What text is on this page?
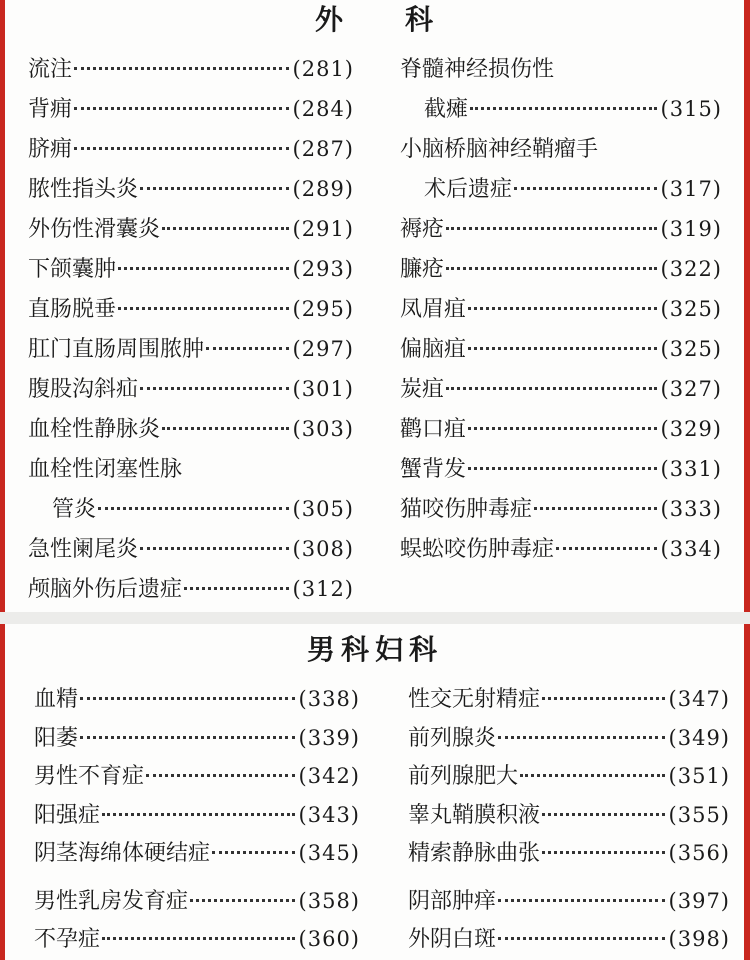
外　　科
流注	(281)
背痈	(284)
脐痈	(287)
脓性指头炎	(289)
外伤性滑囊炎	(291)
下颌囊肿	(293)
直肠脱垂	(295)
肛门直肠周围脓肿	(297)
腹股沟斜疝	(301)
血栓性静脉炎	(303)
血栓性闭塞性脉
管炎	(305)
急性阑尾炎	(308)
颅脑外伤后遗症	(312)
脊髓神经损伤性
截瘫	(315)
小脑桥脑神经鞘瘤手
术后遗症	(317)
褥疮	(319)
臁疮	(322)
凤眉疽	(325)
偏脑疽	(325)
炭疽	(327)
鹳口疽	(329)
蟹背发	(331)
猫咬伤肿毒症	(333)
蜈蚣咬伤肿毒症	(334)
男科妇科
血精	(338)
阳萎	(339)
男性不育症	(342)
阳强症	(343)
阴茎海绵体硬结症	(345)
男性乳房发育症	(358)
不孕症	(360)
性交无射精症	(347)
前列腺炎	(349)
前列腺肥大	(351)
睾丸鞘膜积液	(355)
精索静脉曲张	(356)
阴部肿痒	(397)
外阴白斑	(398)
